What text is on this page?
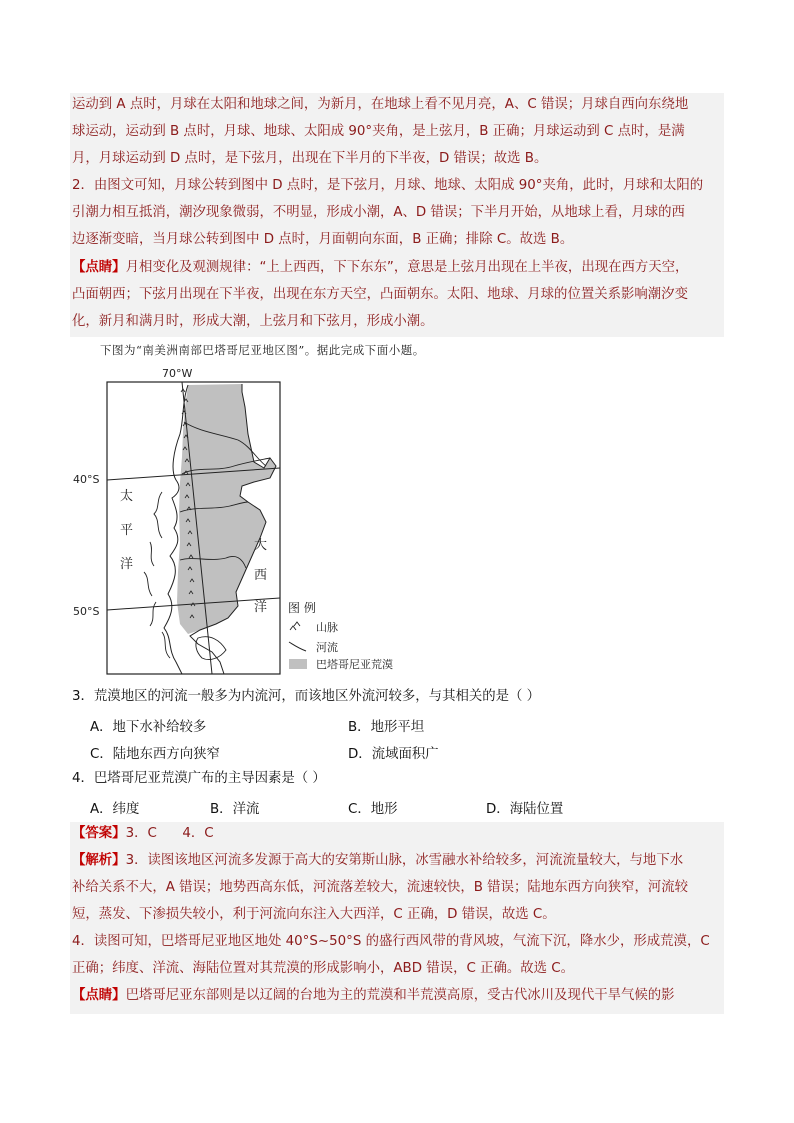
运动到 A 点时，月球在太阳和地球之间，为新月，在地球上看不见月亮，A、C 错误；月球自西向东绕地

球运动，运动到 B 点时，月球、地球、太阳成 90°夹角，是上弦月，B 正确；月球运动到 C 点时，是满

月，月球运动到 D 点时，是下弦月，出现在下半月的下半夜，D 错误；故选 B。

2．由图文可知，月球公转到图中 D 点时，是下弦月，月球、地球、太阳成 90°夹角，此时，月球和太阳的

引潮力相互抵消，潮汐现象微弱，不明显，形成小潮，A、D 错误；下半月开始，从地球上看，月球的西

边逐渐变暗，当月球公转到图中 D 点时，月面朝向东面，B 正确；排除 C。故选 B。

【点睛】月相变化及观测规律：“上上西西，下下东东”，意思是上弦月出现在上半夜，出现在西方天空，

凸面朝西；下弦月出现在下半夜，出现在东方天空，凸面朝东。太阳、地球、月球的位置关系影响潮汐变

化，新月和满月时，形成大潮，上弦月和下弦月，形成小潮。

下图为“南美洲南部巴塔哥尼亚地区图”。据此完成下面小题。

70°W
40°S
50°S
太
平
洋
大
西
洋 图 例
山脉
河流
巴塔哥尼亚荒漠

3．荒漠地区的河流一般多为内流河，而该地区外流河较多，与其相关的是（ ）

A．地下水补给较多	B．地形平坦

C．陆地东西方向狭窄	D．流域面积广

4．巴塔哥尼亚荒漠广布的主导因素是（ ）

A．纬度	B．洋流	C．地形	D．海陆位置

【答案】3．C      4．C

【解析】3．读图该地区河流多发源于高大的安第斯山脉，冰雪融水补给较多，河流流量较大，与地下水

补给关系不大，A 错误；地势西高东低，河流落差较大，流速较快，B 错误；陆地东西方向狭窄，河流较

短，蒸发、下渗损失较小，利于河流向东注入大西洋，C 正确，D 错误，故选 C。

4．读图可知，巴塔哥尼亚地区地处 40°S~50°S 的盛行西风带的背风坡，气流下沉，降水少，形成荒漠，C

正确；纬度、洋流、海陆位置对其荒漠的形成影响小，ABD 错误，C 正确。故选 C。

【点睛】巴塔哥尼亚东部则是以辽阔的台地为主的荒漠和半荒漠高原，受古代冰川及现代干旱气候的影
